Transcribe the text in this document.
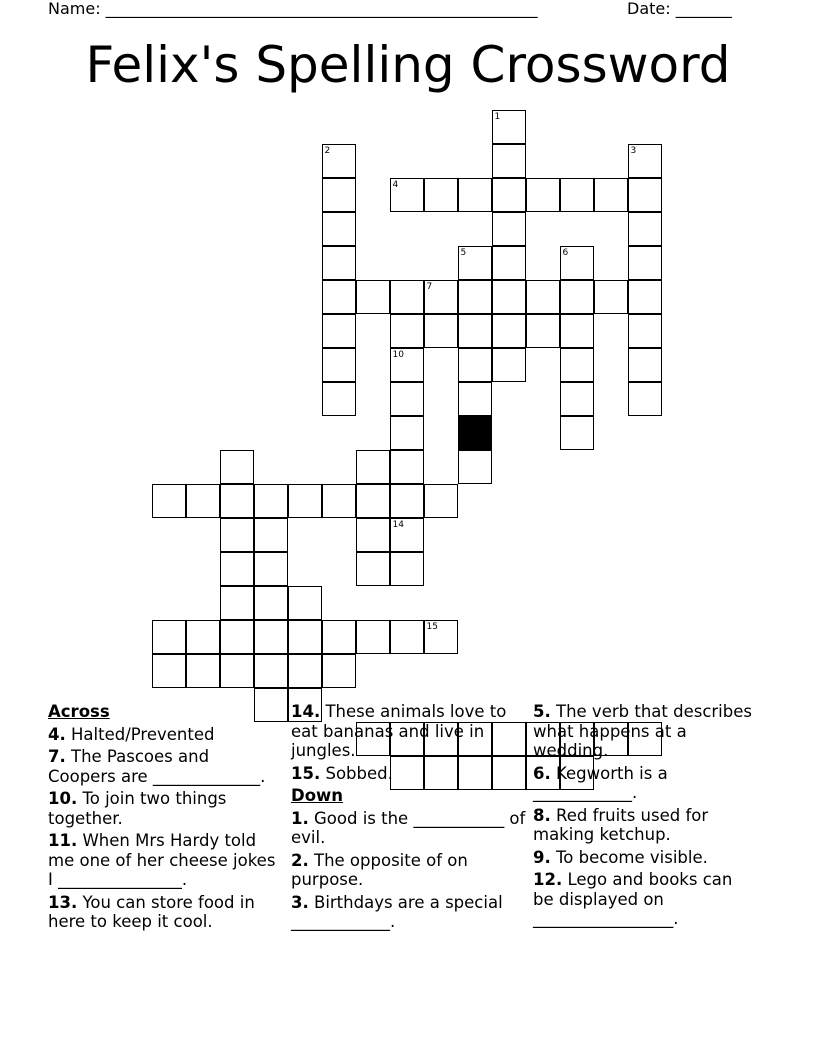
Name: ______________________________________________________	Date: _______
Felix's Spelling Crossword
1
2	3
4
5	6
7
10
14
15
Across
4. Halted/Prevented
7. The Pascoes and Coopers are _____________.
10. To join two things together.
11. When Mrs Hardy told me one of her cheese jokes I _______________.
13. You can store food in here to keep it cool.
14. These animals love to eat bananas and live in jungles.
15. Sobbed.
Down
1. Good is the ___________ of evil.
2. The opposite of on purpose.
3. Birthdays are a special ____________.
5. The verb that describes what happens at a wedding.
6. Kegworth is a ____________.
8. Red fruits used for making ketchup.
9. To become visible.
12. Lego and books can be displayed on _________________.
